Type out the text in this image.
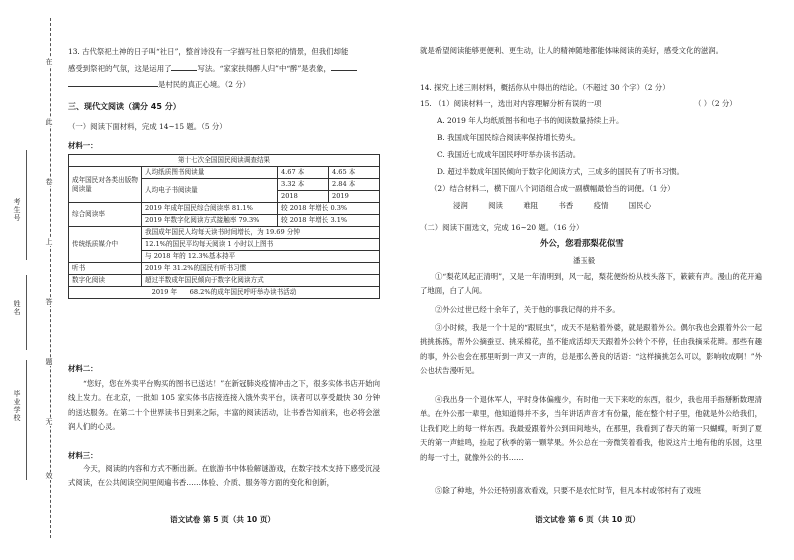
在
此
卷
上
答
题
无
效
考生号
姓名
毕业学校
13. 古代祭祀土神的日子叫“社日”，整首诗没有一字描写社日祭祀的情景，但我们却能
感受到祭祀的气氛，这是运用了	写法。“家家扶得醉人归”中“醉”是表象，
是村民的真正心境。（2 分）
三、现代文阅读（满分 45 分）
（一）阅读下面材料，完成 14~15 题。（5 分）
材料一：
第十七次全国国民阅读调查结果			
成年国民对各类出版物阅读量	人均纸质图书阅读量	4.67 本	4.65 本
	人均电子书阅读量	3.32 本	2.84 本
		2018	2019
综合阅读率	2019 年成年国民综合阅读率 81.1%	较 2018 年增长 0.3%	
	2019 年数字化阅读方式接触率 79.3%	较 2018 年增长 3.1%	
传统纸质媒介中	我国成年国民人均每天读书时间增长，为 19.69 分钟		
	12.1%的国民平均每天阅读 1 小时以上图书		
	与 2018 年的 12.3%基本持平		
听书	2019 年 31.2%的国民有听书习惯		
数字化阅读	超过半数成年国民倾向于数字化阅读方式		
2019 年      68.2%的成年国民呼吁举办读书活动			
材料二：
“您好，您在外卖平台购买的图书已送达！”在新冠肺炎疫情冲击之下，很多实体书店开始向线上发力。在北京，一批如 105 家实体书店接连接入饿外卖平台，读者可以享受最快 30 分钟的送达服务。在第二十个世界读书日到来之际，丰富的阅读活动，让书香告知前来，也必将会滋润人们的心灵。
材料三：
今天，阅读的内容和方式不断出新。在旅游书中体验解谜游戏，在数字技术支持下感受沉浸式阅读，在公共阅读空间里阅遍书香……体验、介质、服务等方面的变化和创新，
语文试卷 第 5 页（共 10 页）
就是希望阅读能够更便利、更生动，让人的精神随地都能体味阅读的美好，感受文化的滋润。
14. 探究上述三则材料，概括你从中得出的结论。（不超过 30 个字）（2 分）
15. （1）阅读材料一，选出对内容理解分析有误的一项	（ ）（2 分）
A. 2019 年人均纸质图书和电子书的阅读数量持续上升。
B. 我国成年国民综合阅读率保持增长势头。
C. 我国近七成成年国民呼吁举办读书活动。
D. 超过半数成年国民倾向于数字化阅读方式，三成多的国民有了听书习惯。
（2）结合材料二，横下面八个词语组合成一副横幅最恰当的词便。（1 分）
浸润	阅读	难阻	书香	疫情	国民心
（二）阅读下面选文，完成 16~20 题。（16 分）
外公，您看那梨花似雪
潘玉毅
①“梨花风起正清明”，又是一年清明到，风一起，梨花便纷纷从枝头落下，簌簌有声。漫山的花开遍了地面，白了人间。
②外公过世已经十余年了，关于他的事我记得的并不多。
③小时候，我是一个十足的“跟屁虫”，成天不是粘着外婆，就是跟着外公。偶尔我也会跟着外公一起挑挑拣拣，帮外公摘蚕豆、挑采棉花，虽不能成活却天天跟着外公转个不停，任由我摘采花辫。那些有趣的事，外公也会在那里听到一声又一声的，总是那么善良的话语：“这样摘挑怎么可以，影响收成啊！”外公也状告漫听见。
④我出身一个退休军人，平时身体偏瘦少，有时他一天下来吃的东西，很少，我也用手指掰断数理清单。在外公那一辈里，他知道得并不多，当年讲话声音才有份量，能在整个村子里，他就是外公给我们，让我们吃上的每一样东西。我最爱跟着外公到田间地头，在那里，我看到了春天的第一只蝴蝶，听到了夏天的第一声蛙鸣，捡起了秋季的第一颗苹果。外公总在一旁微笑着看我，他说这片土地有他的乐园，这里的每一寸土，就像外公的书……
⑤除了种地，外公还特别喜欢看戏，只要不是农忙时节，但凡本村或邻村有了戏班
语文试卷 第 6 页（共 10 页）
